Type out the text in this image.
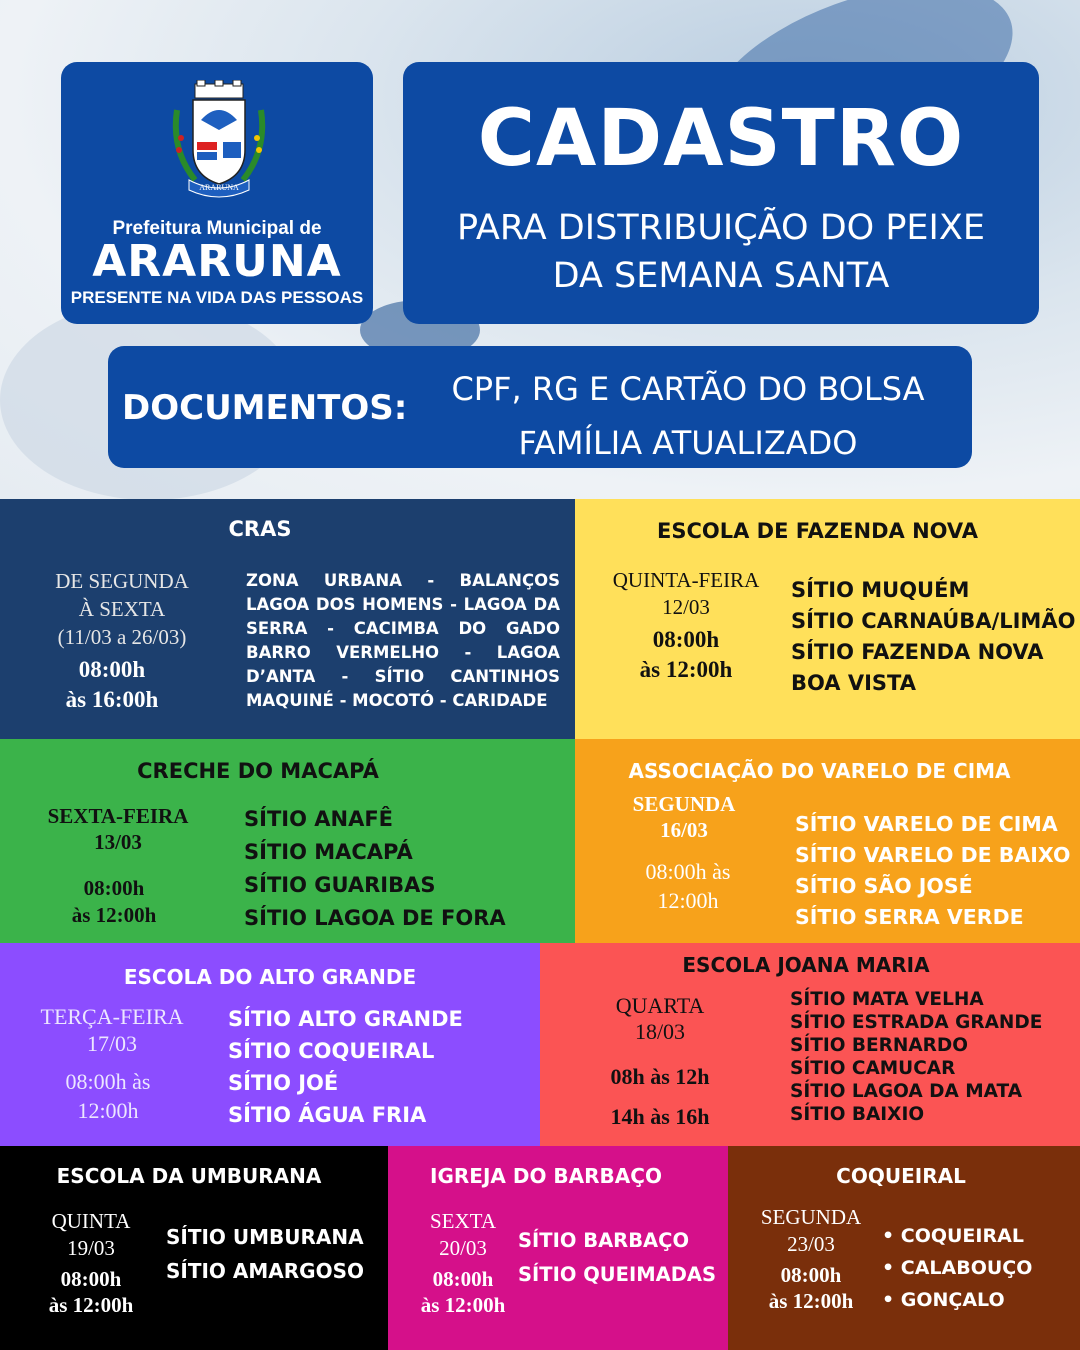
ARARUNA
Prefeitura Municipal de
ARARUNA
PRESENTE NA VIDA DAS PESSOAS
CADASTRO
PARA DISTRIBUIÇÃO DO PEIXE
DA SEMANA SANTA
DOCUMENTOS:	CPF, RG E CARTÃO DO BOLSA
FAMÍLIA ATUALIZADO
CRAS
DE SEGUNDA
À SEXTA
(11/03 a 26/03)
08:00h
às 16:00h
ZONA URBANA - BALANÇOS LAGOA DOS HOMENS - LAGOA DA SERRA - CACIMBA DO GADO BARRO VERMELHO - LAGOA D’ANTA - SÍTIO CANTINHOS MAQUINÉ - MOCOTÓ - CARIDADE
ESCOLA DE FAZENDA NOVA
QUINTA-FEIRA
12/03
08:00h
às 12:00h
SÍTIO MUQUÉM
SÍTIO CARNAÚBA/LIMÃO
SÍTIO FAZENDA NOVA
BOA VISTA
CRECHE DO MACAPÁ
SEXTA-FEIRA
13/03
08:00h
às 12:00h
SÍTIO ANAFÊ
SÍTIO MACAPÁ
SÍTIO GUARIBAS
SÍTIO LAGOA DE FORA
ASSOCIAÇÃO DO VARELO DE CIMA
SEGUNDA
16/03
08:00h às
12:00h
SÍTIO VARELO DE CIMA
SÍTIO VARELO DE BAIXO
SÍTIO SÃO JOSÉ
SÍTIO SERRA VERDE
ESCOLA DO ALTO GRANDE
TERÇA-FEIRA
17/03
08:00h às
12:00h
SÍTIO ALTO GRANDE
SÍTIO COQUEIRAL
SÍTIO JOÉ
SÍTIO ÁGUA FRIA
ESCOLA JOANA MARIA
QUARTA
18/03
08h às 12h
14h às 16h
SÍTIO MATA VELHA
SÍTIO ESTRADA GRANDE
SÍTIO BERNARDO
SÍTIO CAMUCAR
SÍTIO LAGOA DA MATA
SÍTIO BAIXIO
ESCOLA DA UMBURANA
QUINTA
19/03
08:00h
às 12:00h
SÍTIO UMBURANA
SÍTIO AMARGOSO
IGREJA DO BARBAÇO
SEXTA
20/03
08:00h
às 12:00h
SÍTIO BARBAÇO
SÍTIO QUEIMADAS
COQUEIRAL
SEGUNDA
23/03
08:00h
às 12:00h
• COQUEIRAL
• CALABOUÇO
• GONÇALO
